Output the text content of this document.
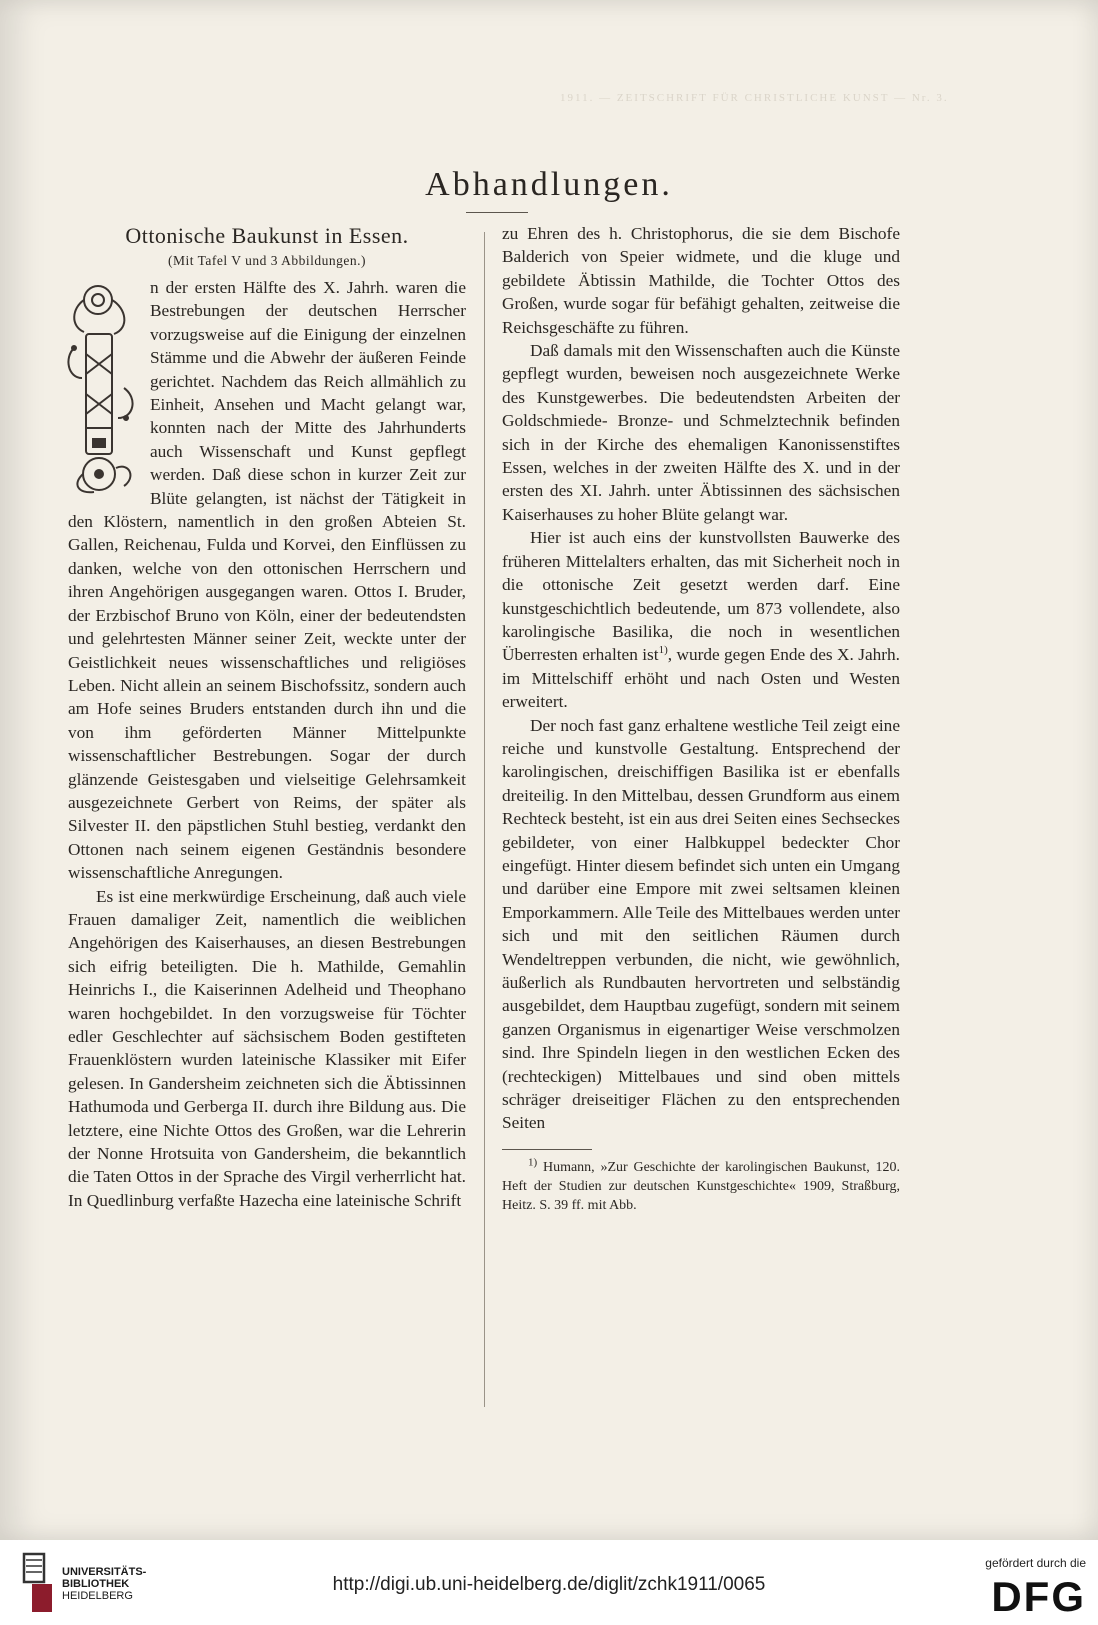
1911. — ZEITSCHRIFT FÜR CHRISTLICHE KUNST — Nr. 3.
Abhandlungen.
Ottonische Baukunst in Essen.
(Mit Tafel V und 3 Abbildungen.)

n der ersten Hälfte des X. Jahrh. waren die Bestrebungen der deutschen Herrscher vorzugsweise auf die Einigung der einzelnen Stämme und die Abwehr der äußeren Feinde gerichtet. Nachdem das Reich allmählich zu Einheit, Ansehen und Macht gelangt war, konnten nach der Mitte des Jahrhunderts auch Wissenschaft und Kunst gepflegt werden. Daß diese schon in kurzer Zeit zur Blüte gelangten, ist nächst der Tätigkeit in den Klöstern, namentlich in den großen Abteien St. Gallen, Reichenau, Fulda und Korvei, den Einflüssen zu danken, welche von den ottonischen Herrschern und ihren Angehörigen ausgegangen waren. Ottos I. Bruder, der Erzbischof Bruno von Köln, einer der bedeutendsten und gelehrtesten Männer seiner Zeit, weckte unter der Geistlichkeit neues wissenschaftliches und religiöses Leben. Nicht allein an seinem Bischofssitz, sondern auch am Hofe seines Bruders entstanden durch ihn und die von ihm geförderten Männer Mittelpunkte wissenschaftlicher Bestrebungen. Sogar der durch glänzende Geistesgaben und vielseitige Gelehrsamkeit ausgezeichnete Gerbert von Reims, der später als Silvester II. den päpstlichen Stuhl bestieg, verdankt den Ottonen nach seinem eigenen Geständnis besondere wissenschaftliche Anregungen.

Es ist eine merkwürdige Erscheinung, daß auch viele Frauen damaliger Zeit, namentlich die weiblichen Angehörigen des Kaiserhauses, an diesen Bestrebungen sich eifrig beteiligten. Die h. Mathilde, Gemahlin Heinrichs I., die Kaiserinnen Adelheid und Theophano waren hochgebildet. In den vorzugsweise für Töchter edler Geschlechter auf sächsischem Boden gestifteten Frauenklöstern wurden lateinische Klassiker mit Eifer gelesen. In Gandersheim zeichneten sich die Äbtissinnen Hathumoda und Gerberga II. durch ihre Bildung aus. Die letztere, eine Nichte Ottos des Großen, war die Lehrerin der Nonne Hrotsuita von Gandersheim, die bekanntlich die Taten Ottos in der Sprache des Virgil verherrlicht hat. In Quedlinburg verfaßte Hazecha eine lateinische Schrift

zu Ehren des h. Christophorus, die sie dem Bischofe Balderich von Speier widmete, und die kluge und gebildete Äbtissin Mathilde, die Tochter Ottos des Großen, wurde sogar für befähigt gehalten, zeitweise die Reichsgeschäfte zu führen.

Daß damals mit den Wissenschaften auch die Künste gepflegt wurden, beweisen noch ausgezeichnete Werke des Kunstgewerbes. Die bedeutendsten Arbeiten der Goldschmiede- Bronze- und Schmelztechnik befinden sich in der Kirche des ehemaligen Kanonissenstiftes Essen, welches in der zweiten Hälfte des X. und in der ersten des XI. Jahrh. unter Äbtissinnen des sächsischen Kaiserhauses zu hoher Blüte gelangt war.

Hier ist auch eins der kunstvollsten Bauwerke des früheren Mittelalters erhalten, das mit Sicherheit noch in die ottonische Zeit gesetzt werden darf. Eine kunstgeschichtlich bedeutende, um 873 vollendete, also karolingische Basilika, die noch in wesentlichen Überresten erhalten ist$^{1)}$, wurde gegen Ende des X. Jahrh. im Mittelschiff erhöht und nach Osten und Westen erweitert.

Der noch fast ganz erhaltene westliche Teil zeigt eine reiche und kunstvolle Gestaltung. Entsprechend der karolingischen, dreischiffigen Basilika ist er ebenfalls dreiteilig. In den Mittelbau, dessen Grundform aus einem Rechteck besteht, ist ein aus drei Seiten eines Sechseckes gebildeter, von einer Halbkuppel bedeckter Chor eingefügt. Hinter diesem befindet sich unten ein Umgang und darüber eine Empore mit zwei seltsamen kleinen Emporkammern. Alle Teile des Mittelbaues werden unter sich und mit den seitlichen Räumen durch Wendeltreppen verbunden, die nicht, wie gewöhnlich, äußerlich als Rundbauten hervortreten und selbständig ausgebildet, dem Hauptbau zugefügt, sondern mit seinem ganzen Organismus in eigenartiger Weise verschmolzen sind. Ihre Spindeln liegen in den westlichen Ecken des (rechteckigen) Mittelbaues und sind oben mittels schräger dreiseitiger Flächen zu den entsprechenden Seiten

$^{1)}$ Humann, »Zur Geschichte der karolingischen Baukunst, 120. Heft der Studien zur deutschen Kunstgeschichte« 1909, Straßburg, Heitz. S. 39 ff. mit Abb.

UNIVERSITÄTS-
BIBLIOTHEK
HEIDELBERG
http://digi.ub.uni-heidelberg.de/diglit/zchk1911/0065
gefördert durch die
DFG
